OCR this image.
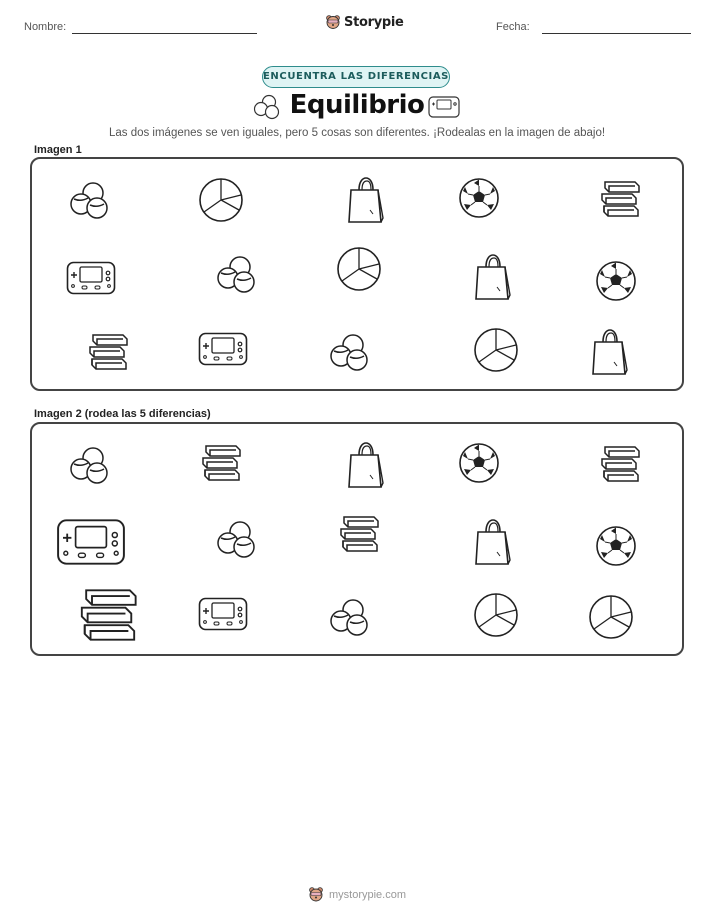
Nombre:	Storypie	Fecha:
ENCUENTRA LAS DIFERENCIAS
Equilibrio
Las dos imágenes se ven iguales, pero 5 cosas son diferentes. ¡Rodealas en la imagen de abajo!
Imagen 1
Imagen 2 (rodea las 5 diferencias)
mystorypie.com
